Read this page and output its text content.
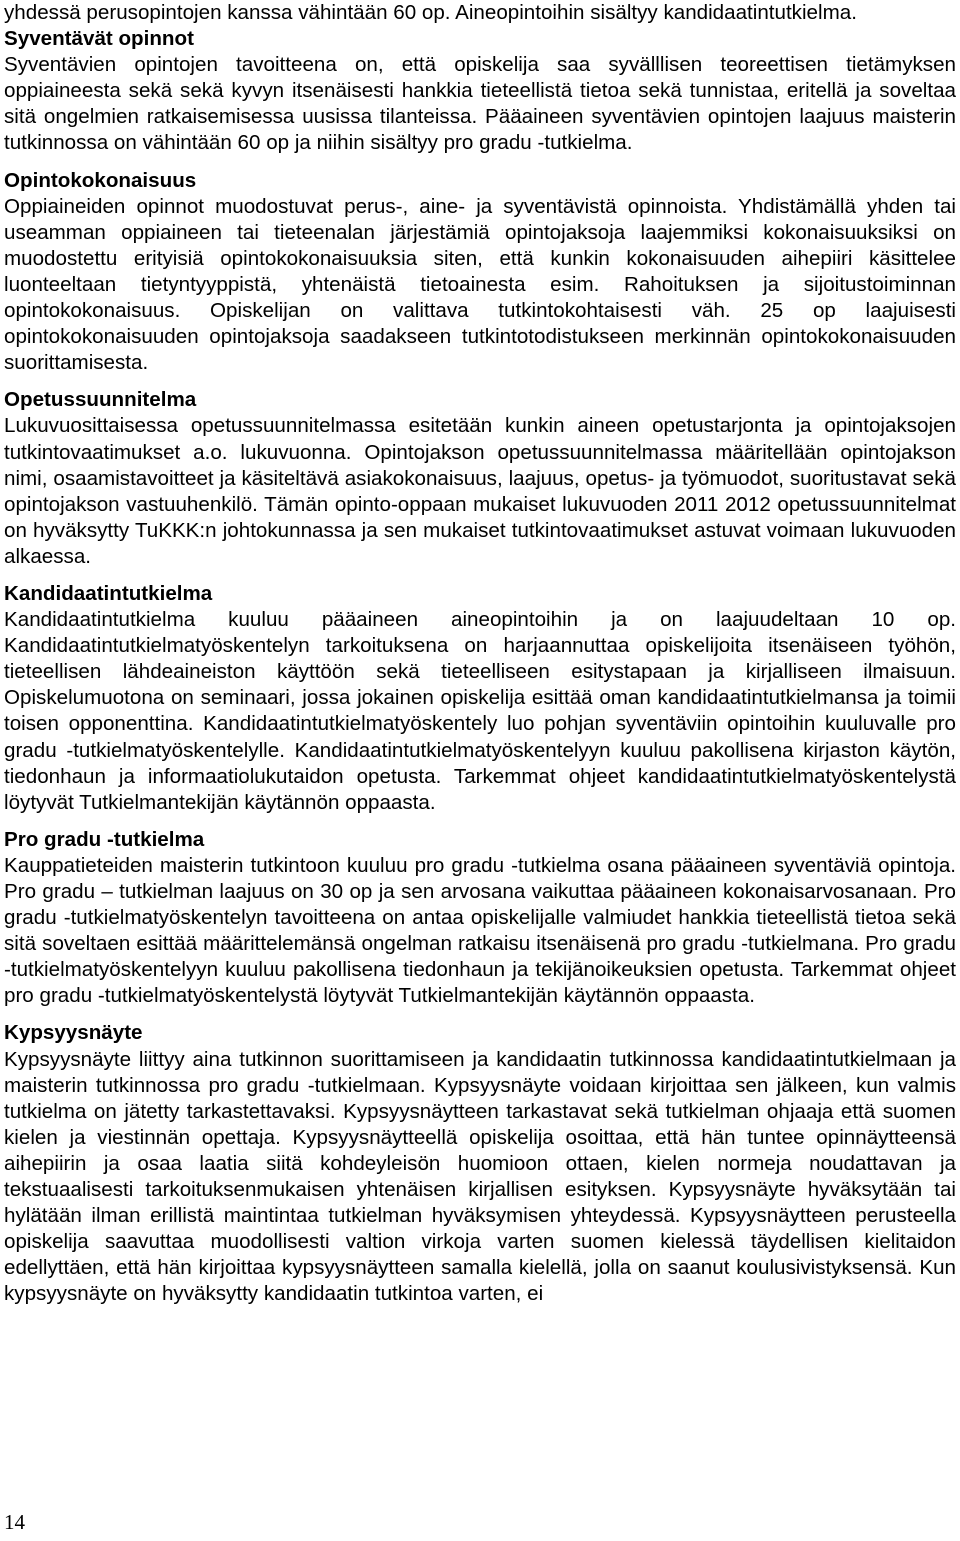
yhdessä perusopintojen kanssa vähintään 60 op. Aineopintoihin sisältyy kandidaatintutkielma.

Syventävät opinnot

Syventävien opintojen tavoitteena on, että opiskelija saa syvälllisen teoreettisen tietämyksen oppiaineesta sekä sekä kyvyn itsenäisesti hankkia tieteellistä tietoa sekä tunnistaa, eritellä ja soveltaa sitä ongelmien ratkaisemisessa uusissa tilanteissa. Pääaineen syventävien opintojen laajuus maisterin tutkinnossa on vähintään 60 op ja niihin sisältyy pro gradu -tutkielma.

Opintokokonaisuus

Oppiaineiden opinnot muodostuvat perus-, aine- ja syventävistä opinnoista. Yhdistämällä yhden tai useamman oppiaineen tai tieteenalan järjestämiä opintojaksoja laajemmiksi kokonaisuuksiksi on muodostettu erityisiä opintokokonaisuuksia siten, että kunkin kokonaisuuden aihepiiri käsittelee luonteeltaan tietyntyyppistä, yhtenäistä tietoainesta esim. Rahoituksen ja sijoitustoiminnan opintokokonaisuus. Opiskelijan on valittava tutkintokohtaisesti väh. 25 op laajuisesti opintokokonaisuuden opintojaksoja saadakseen tutkintotodistukseen merkinnän opintokokonaisuuden suorittamisesta.

Opetussuunnitelma

Lukuvuosittaisessa opetussuunnitelmassa esitetään kunkin aineen opetustarjonta ja opintojaksojen tutkintovaatimukset a.o. lukuvuonna. Opintojakson opetussuunnitelmassa määritellään opintojakson nimi, osaamistavoitteet ja käsiteltävä asiakokonaisuus, laajuus, opetus- ja työmuodot, suoritustavat sekä opintojakson vastuuhenkilö. Tämän opinto-oppaan mukaiset lukuvuoden 2011 2012 opetussuunnitelmat on hyväksytty TuKKK:n johtokunnassa ja sen mukaiset tutkintovaatimukset astuvat voimaan lukuvuoden alkaessa.

Kandidaatintutkielma

Kandidaatintutkielma kuuluu pääaineen aineopintoihin ja on laajuudeltaan 10 op. Kandidaatintutkielmatyöskentelyn tarkoituksena on harjaannuttaa opiskelijoita itsenäiseen työhön, tieteellisen lähdeaineiston käyttöön sekä tieteelliseen esitystapaan ja kirjalliseen ilmaisuun. Opiskelumuotona on seminaari, jossa jokainen opiskelija esittää oman kandidaatintutkielmansa ja toimii toisen opponenttina. Kandidaatintutkielmatyöskentely luo pohjan syventäviin opintoihin kuuluvalle pro gradu -tutkielmatyöskentelylle. Kandidaatintutkielmatyöskentelyyn kuuluu pakollisena kirjaston käytön, tiedonhaun ja informaatiolukutaidon opetusta. Tarkemmat ohjeet kandidaatintutkielmatyöskentelystä löytyvät Tutkielmantekijän käytännön oppaasta.

Pro gradu -tutkielma

Kauppatieteiden maisterin tutkintoon kuuluu pro gradu -tutkielma osana pääaineen syventäviä opintoja. Pro gradu – tutkielman laajuus on 30 op ja sen arvosana vaikuttaa pääaineen kokonaisarvosanaan. Pro gradu -tutkielmatyöskentelyn tavoitteena on antaa opiskelijalle valmiudet hankkia tieteellistä tietoa sekä sitä soveltaen esittää määrittelemänsä ongelman ratkaisu itsenäisenä pro gradu -tutkielmana. Pro gradu -tutkielmatyöskentelyyn kuuluu pakollisena tiedonhaun ja tekijänoikeuksien opetusta. Tarkemmat ohjeet pro gradu -tutkielmatyöskentelystä löytyvät Tutkielmantekijän käytännön oppaasta.

Kypsyysnäyte

Kypsyysnäyte liittyy aina tutkinnon suorittamiseen ja kandidaatin tutkinnossa kandidaatintutkielmaan ja maisterin tutkinnossa pro gradu -tutkielmaan. Kypsyysnäyte voidaan kirjoittaa sen jälkeen, kun valmis tutkielma on jätetty tarkastettavaksi. Kypsyysnäytteen tarkastavat sekä tutkielman ohjaaja että suomen kielen ja viestinnän opettaja. Kypsyysnäytteellä opiskelija osoittaa, että hän tuntee opinnäytteensä aihepiirin ja osaa laatia siitä kohdeyleisön huomioon ottaen, kielen normeja noudattavan ja tekstuaalisesti tarkoituksenmukaisen yhtenäisen kirjallisen esityksen. Kypsyysnäyte hyväksytään tai hylätään ilman erillistä maintintaa tutkielman hyväksymisen yhteydessä. Kypsyysnäytteen perusteella opiskelija saavuttaa muodollisesti valtion virkoja varten suomen kielessä täydellisen kielitaidon edellyttäen, että hän kirjoittaa kypsyysnäytteen samalla kielellä, jolla on saanut koulusivistyksensä. Kun kypsyysnäyte on hyväksytty kandidaatin tutkintoa varten, ei

14
